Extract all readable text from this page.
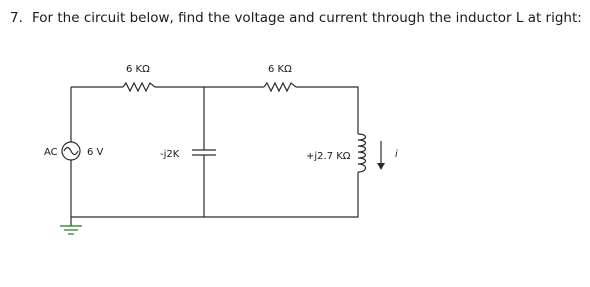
7. For the circuit below, find the voltage and current through the inductor L at right:
6 KΩ	6 KΩ
-j2K
AC	6 V	+j2.7 KΩ	i
